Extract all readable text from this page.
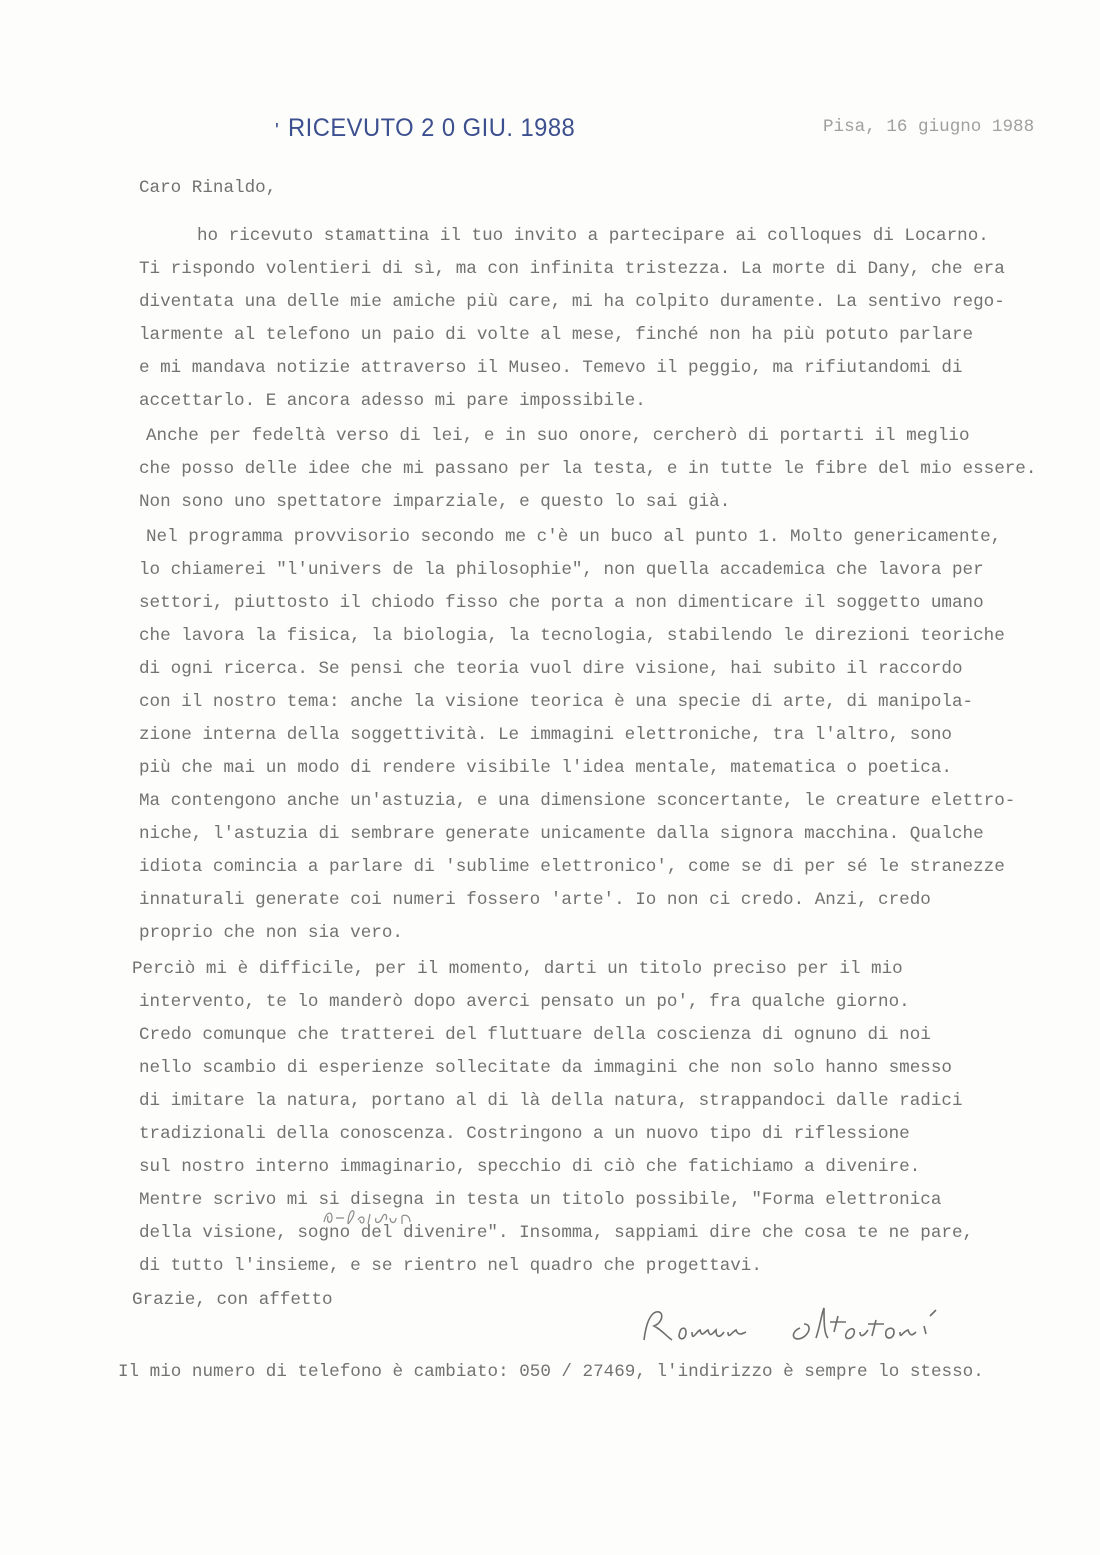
' RICEVUTO 2 0 GIU. 1988	Pisa, 16 giugno 1988
Caro Rinaldo,
ho ricevuto stamattina il tuo invito a partecipare ai colloques di Locarno.
Ti rispondo volentieri di sì, ma con infinita tristezza. La morte di Dany, che era
diventata una delle mie amiche più care, mi ha colpito duramente. La sentivo rego-
larmente al telefono un paio di volte al mese, finché non ha più potuto parlare
e mi mandava notizie attraverso il Museo. Temevo il peggio, ma rifiutandomi di
accettarlo. E ancora adesso mi pare impossibile.
Anche per fedeltà verso di lei, e in suo onore, cercherò di portarti il meglio
che posso delle idee che mi passano per la testa, e in tutte le fibre del mio essere.
Non sono uno spettatore imparziale, e questo lo sai già.
Nel programma provvisorio secondo me c'è un buco al punto 1. Molto genericamente,
lo chiamerei "l'univers de la philosophie", non quella accademica che lavora per
settori, piuttosto il chiodo fisso che porta a non dimenticare il soggetto umano
che lavora la fisica, la biologia, la tecnologia, stabilendo le direzioni teoriche
di ogni ricerca. Se pensi che teoria vuol dire visione, hai subito il raccordo
con il nostro tema: anche la visione teorica è una specie di arte, di manipola-
zione interna della soggettività. Le immagini elettroniche, tra l'altro, sono
più che mai un modo di rendere visibile l'idea mentale, matematica o poetica.
Ma contengono anche un'astuzia, e una dimensione sconcertante, le creature elettro-
niche, l'astuzia di sembrare generate unicamente dalla signora macchina. Qualche
idiota comincia a parlare di 'sublime elettronico', come se di per sé le stranezze
innaturali generate coi numeri fossero 'arte'. Io non ci credo. Anzi, credo
proprio che non sia vero.
Perciò mi è difficile, per il momento, darti un titolo preciso per il mio
intervento, te lo manderò dopo averci pensato un po', fra qualche giorno.
Credo comunque che tratterei del fluttuare della coscienza di ognuno di noi
nello scambio di esperienze sollecitate da immagini che non solo hanno smesso
di imitare la natura, portano al di là della natura, strappandoci dalle radici
tradizionali della conoscenza. Costringono a un nuovo tipo di riflessione
sul nostro interno immaginario, specchio di ciò che fatichiamo a divenire.
Mentre scrivo mi si disegna in testa un titolo possibile, "Forma elettronica
della visione, sogno del divenire". Insomma, sappiami dire che cosa te ne pare,
di tutto l'insieme, e se rientro nel quadro che progettavi.
Grazie, con affetto
Il mio numero di telefono è cambiato: 050 / 27469, l'indirizzo è sempre lo stesso.
